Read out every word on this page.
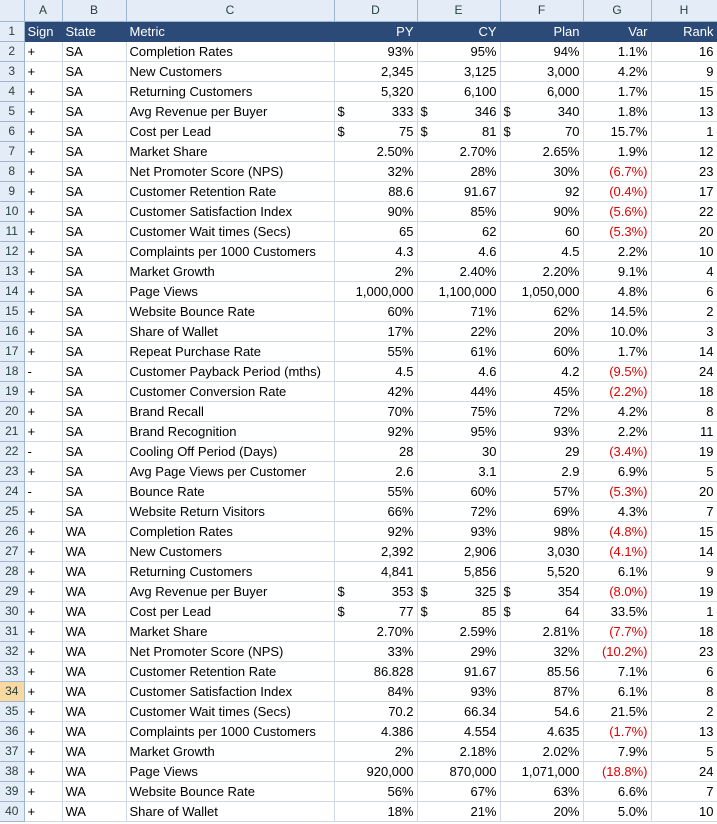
	A	B	C	D	E	F	G	H
1	Sign	State	Metric	PY	CY	Plan	Var	Rank
2	+	SA	Completion Rates	93%	95%	94%	1.1%	16
3	+	SA	New Customers	2,345	3,125	3,000	4.2%	9
4	+	SA	Returning Customers	5,320	6,100	6,000	1.7%	15
5	+	SA	Avg Revenue per Buyer	$ 333	$ 346	$ 340	1.8%	13
6	+	SA	Cost per Lead	$ 75	$ 81	$ 70	15.7%	1
7	+	SA	Market Share	2.50%	2.70%	2.65%	1.9%	12
8	+	SA	Net Promoter Score (NPS)	32%	28%	30%	(6.7%)	23
9	+	SA	Customer Retention Rate	88.6	91.67	92	(0.4%)	17
10	+	SA	Customer Satisfaction Index	90%	85%	90%	(5.6%)	22
11	+	SA	Customer Wait times (Secs)	65	62	60	(5.3%)	20
12	+	SA	Complaints per 1000 Customers	4.3	4.6	4.5	2.2%	10
13	+	SA	Market Growth	2%	2.40%	2.20%	9.1%	4
14	+	SA	Page Views	1,000,000	1,100,000	1,050,000	4.8%	6
15	+	SA	Website Bounce Rate	60%	71%	62%	14.5%	2
16	+	SA	Share of Wallet	17%	22%	20%	10.0%	3
17	+	SA	Repeat Purchase Rate	55%	61%	60%	1.7%	14
18	-	SA	Customer Payback Period (mths)	4.5	4.6	4.2	(9.5%)	24
19	+	SA	Customer Conversion Rate	42%	44%	45%	(2.2%)	18
20	+	SA	Brand Recall	70%	75%	72%	4.2%	8
21	+	SA	Brand Recognition	92%	95%	93%	2.2%	11
22	-	SA	Cooling Off Period (Days)	28	30	29	(3.4%)	19
23	+	SA	Avg Page Views per Customer	2.6	3.1	2.9	6.9%	5
24	-	SA	Bounce Rate	55%	60%	57%	(5.3%)	20
25	+	SA	Website Return Visitors	66%	72%	69%	4.3%	7
26	+	WA	Completion Rates	92%	93%	98%	(4.8%)	15
27	+	WA	New Customers	2,392	2,906	3,030	(4.1%)	14
28	+	WA	Returning Customers	4,841	5,856	5,520	6.1%	9
29	+	WA	Avg Revenue per Buyer	$ 353	$ 325	$ 354	(8.0%)	19
30	+	WA	Cost per Lead	$ 77	$ 85	$ 64	33.5%	1
31	+	WA	Market Share	2.70%	2.59%	2.81%	(7.7%)	18
32	+	WA	Net Promoter Score (NPS)	33%	29%	32%	(10.2%)	23
33	+	WA	Customer Retention Rate	86.828	91.67	85.56	7.1%	6
34	+	WA	Customer Satisfaction Index	84%	93%	87%	6.1%	8
35	+	WA	Customer Wait times (Secs)	70.2	66.34	54.6	21.5%	2
36	+	WA	Complaints per 1000 Customers	4.386	4.554	4.635	(1.7%)	13
37	+	WA	Market Growth	2%	2.18%	2.02%	7.9%	5
38	+	WA	Page Views	920,000	870,000	1,071,000	(18.8%)	24
39	+	WA	Website Bounce Rate	56%	67%	63%	6.6%	7
40	+	WA	Share of Wallet	18%	21%	20%	5.0%	10
